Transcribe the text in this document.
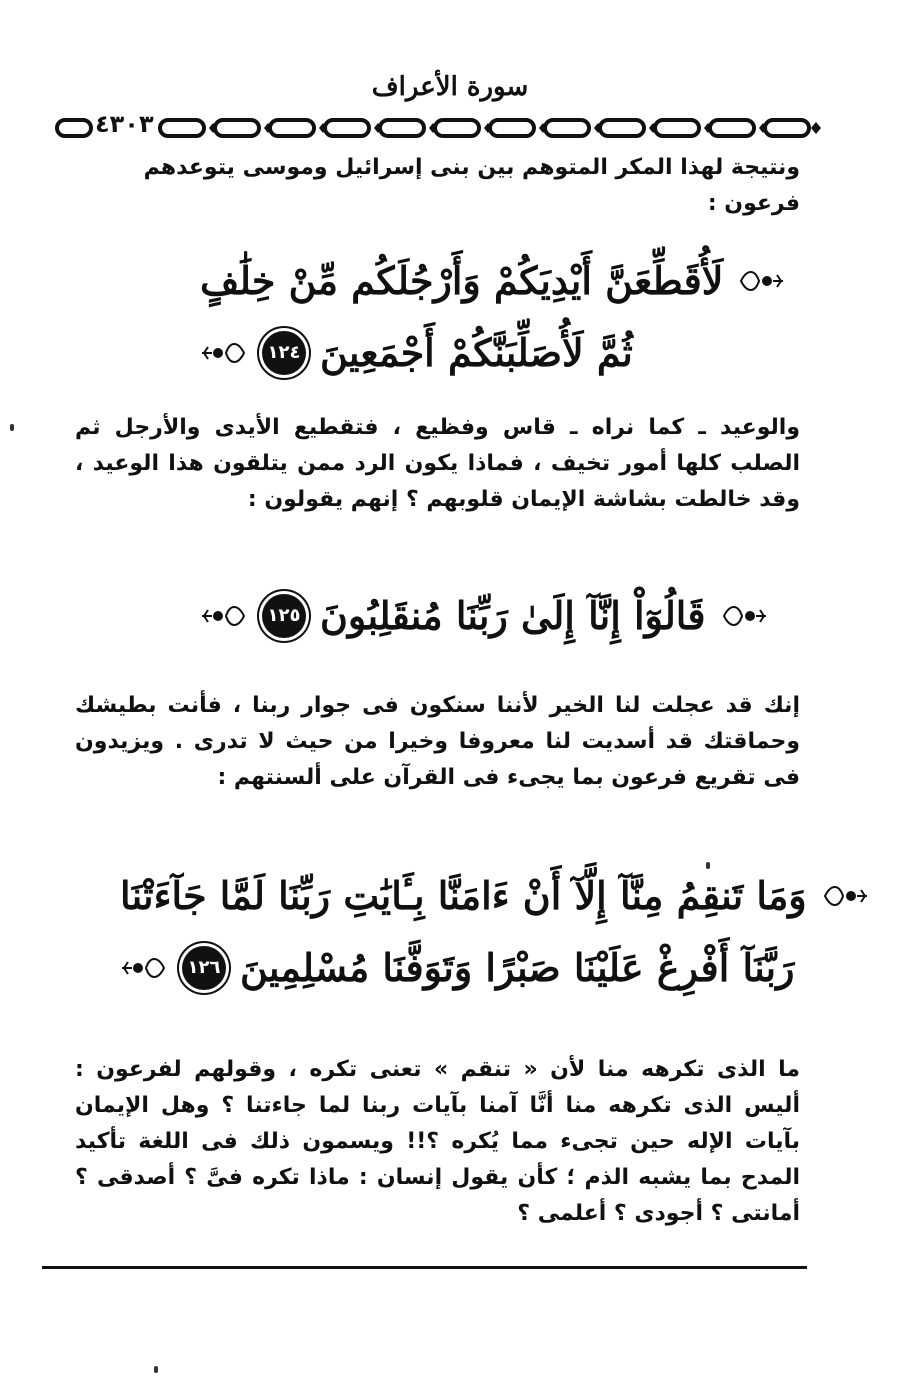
سورة الأعراف
٤٣٠٣
ونتيجة لهذا المكر المتوهم بين بنى إسرائيل وموسى يتوعدهم فرعون :
لَأُقَطِّعَنَّ أَيْدِيَكُمْ وَأَرْجُلَكُم مِّنْ خِلَٰفٍ
ثُمَّ لَأُصَلِّبَنَّكُمْ أَجْمَعِينَ
١٢٤
والوعيد ـ كما نراه ـ قاس وفظيع ، فتقطيع الأيدى والأرجل ثم الصلب كلها أمور تخيف ، فماذا يكون الرد ممن يتلقون هذا الوعيد ، وقد خالطت بشاشة الإيمان قلوبهم ؟ إنهم يقولون :
قَالُوٓاْ إِنَّآ إِلَىٰ رَبِّنَا مُنقَلِبُونَ
١٢٥
إنك قد عجلت لنا الخير لأننا سنكون فى جوار ربنا ، فأنت بطيشك وحماقتك قد أسديت لنا معروفا وخيرا من حيث لا تدرى . ويزيدون فى تقريع فرعون بما يجىء فى القرآن على ألسنتهم :
وَمَا تَنقِمُ مِنَّآ إِلَّآ أَنْ ءَامَنَّا بِـَٔايَٰتِ رَبِّنَا لَمَّا جَآءَتْنَا
رَبَّنَآ أَفْرِغْ عَلَيْنَا صَبْرًا وَتَوَفَّنَا مُسْلِمِينَ
١٢٦
ما الذى تكرهه منا لأن « تنقم » تعنى تكره ، وقولهم لفرعون : أليس الذى تكرهه منا أنَّا آمنا بآيات ربنا لما جاءتنا ؟ وهل الإيمان بآيات الإله حين تجىء مما يُكره ؟!! ويسمون ذلك فى اللغة تأكيد المدح بما يشبه الذم ؛ كأن يقول إنسان : ماذا تكره فىَّ ؟ أصدقى ؟ أمانتى ؟ أجودى ؟ أعلمى ؟
